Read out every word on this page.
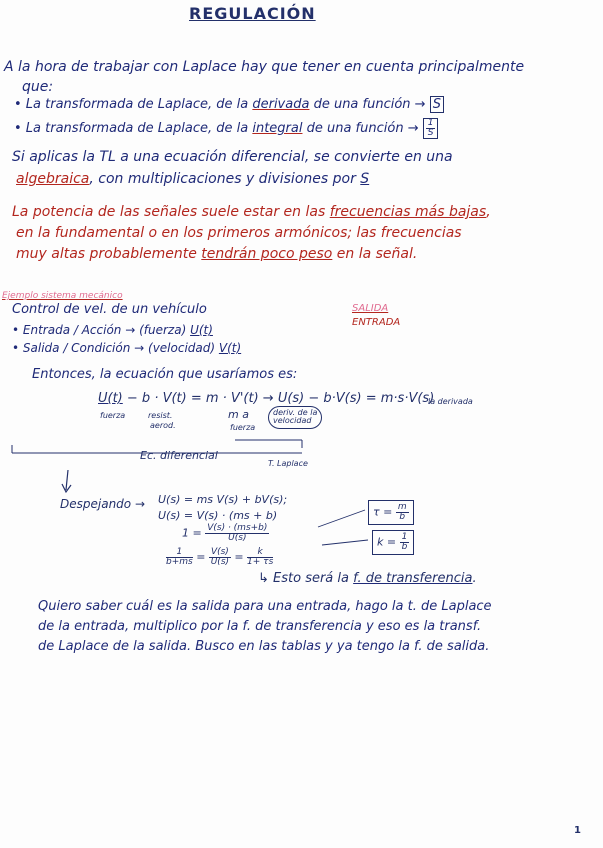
REGULACIÓN
A la hora de trabajar con Laplace hay que tener en cuenta principalmente
que:
• La transformada de Laplace, de la derivada de una función → S
• La transformada de Laplace, de la integral de una función → $\frac{1}{S}$
Si aplicas la TL a una ecuación diferencial, se convierte en una
algebraica, con multiplicaciones y divisiones por S
La potencia de las señales suele estar en las frecuencias más bajas,
en la fundamental o en los primeros armónicos; las frecuencias
muy altas probablemente tendrán poco peso en la señal.
Ejemplo sistema mecánico
SALIDA
ENTRADA
Control de vel. de un vehículo
• Entrada / Acción → (fuerza) U(t)
• Salida / Condición → (velocidad) V(t)
Entonces, la ecuación que usaríamos es:
U(t) − b · V(t) = m · V'(t) → U(s) − b·V(s) = m·s·V(s)
fuerza	resist.
aerod.
m a
fuerza
deriv. de la
velocidad
la derivada
Ec. diferencial
T. Laplace
Despejando → U(s) = ms V(s) + bV(s);
U(s) = V(s) · (ms + b)
$1 = \frac{V(s) \cdot (ms+b)}{U(s)}$
$\frac{1}{b+ms} = \frac{V(s)}{U(s)} = \frac{k}{1+ \tau s}$
$\tau = \frac{m}{b}$
$k = \frac{1}{b}$
↳ Esto será la f. de transferencia.
Quiero saber cuál es la salida para una entrada, hago la t. de Laplace
de la entrada, multiplico por la f. de transferencia y eso es la transf.
de Laplace de la salida. Busco en las tablas y ya tengo la f. de salida.
1
